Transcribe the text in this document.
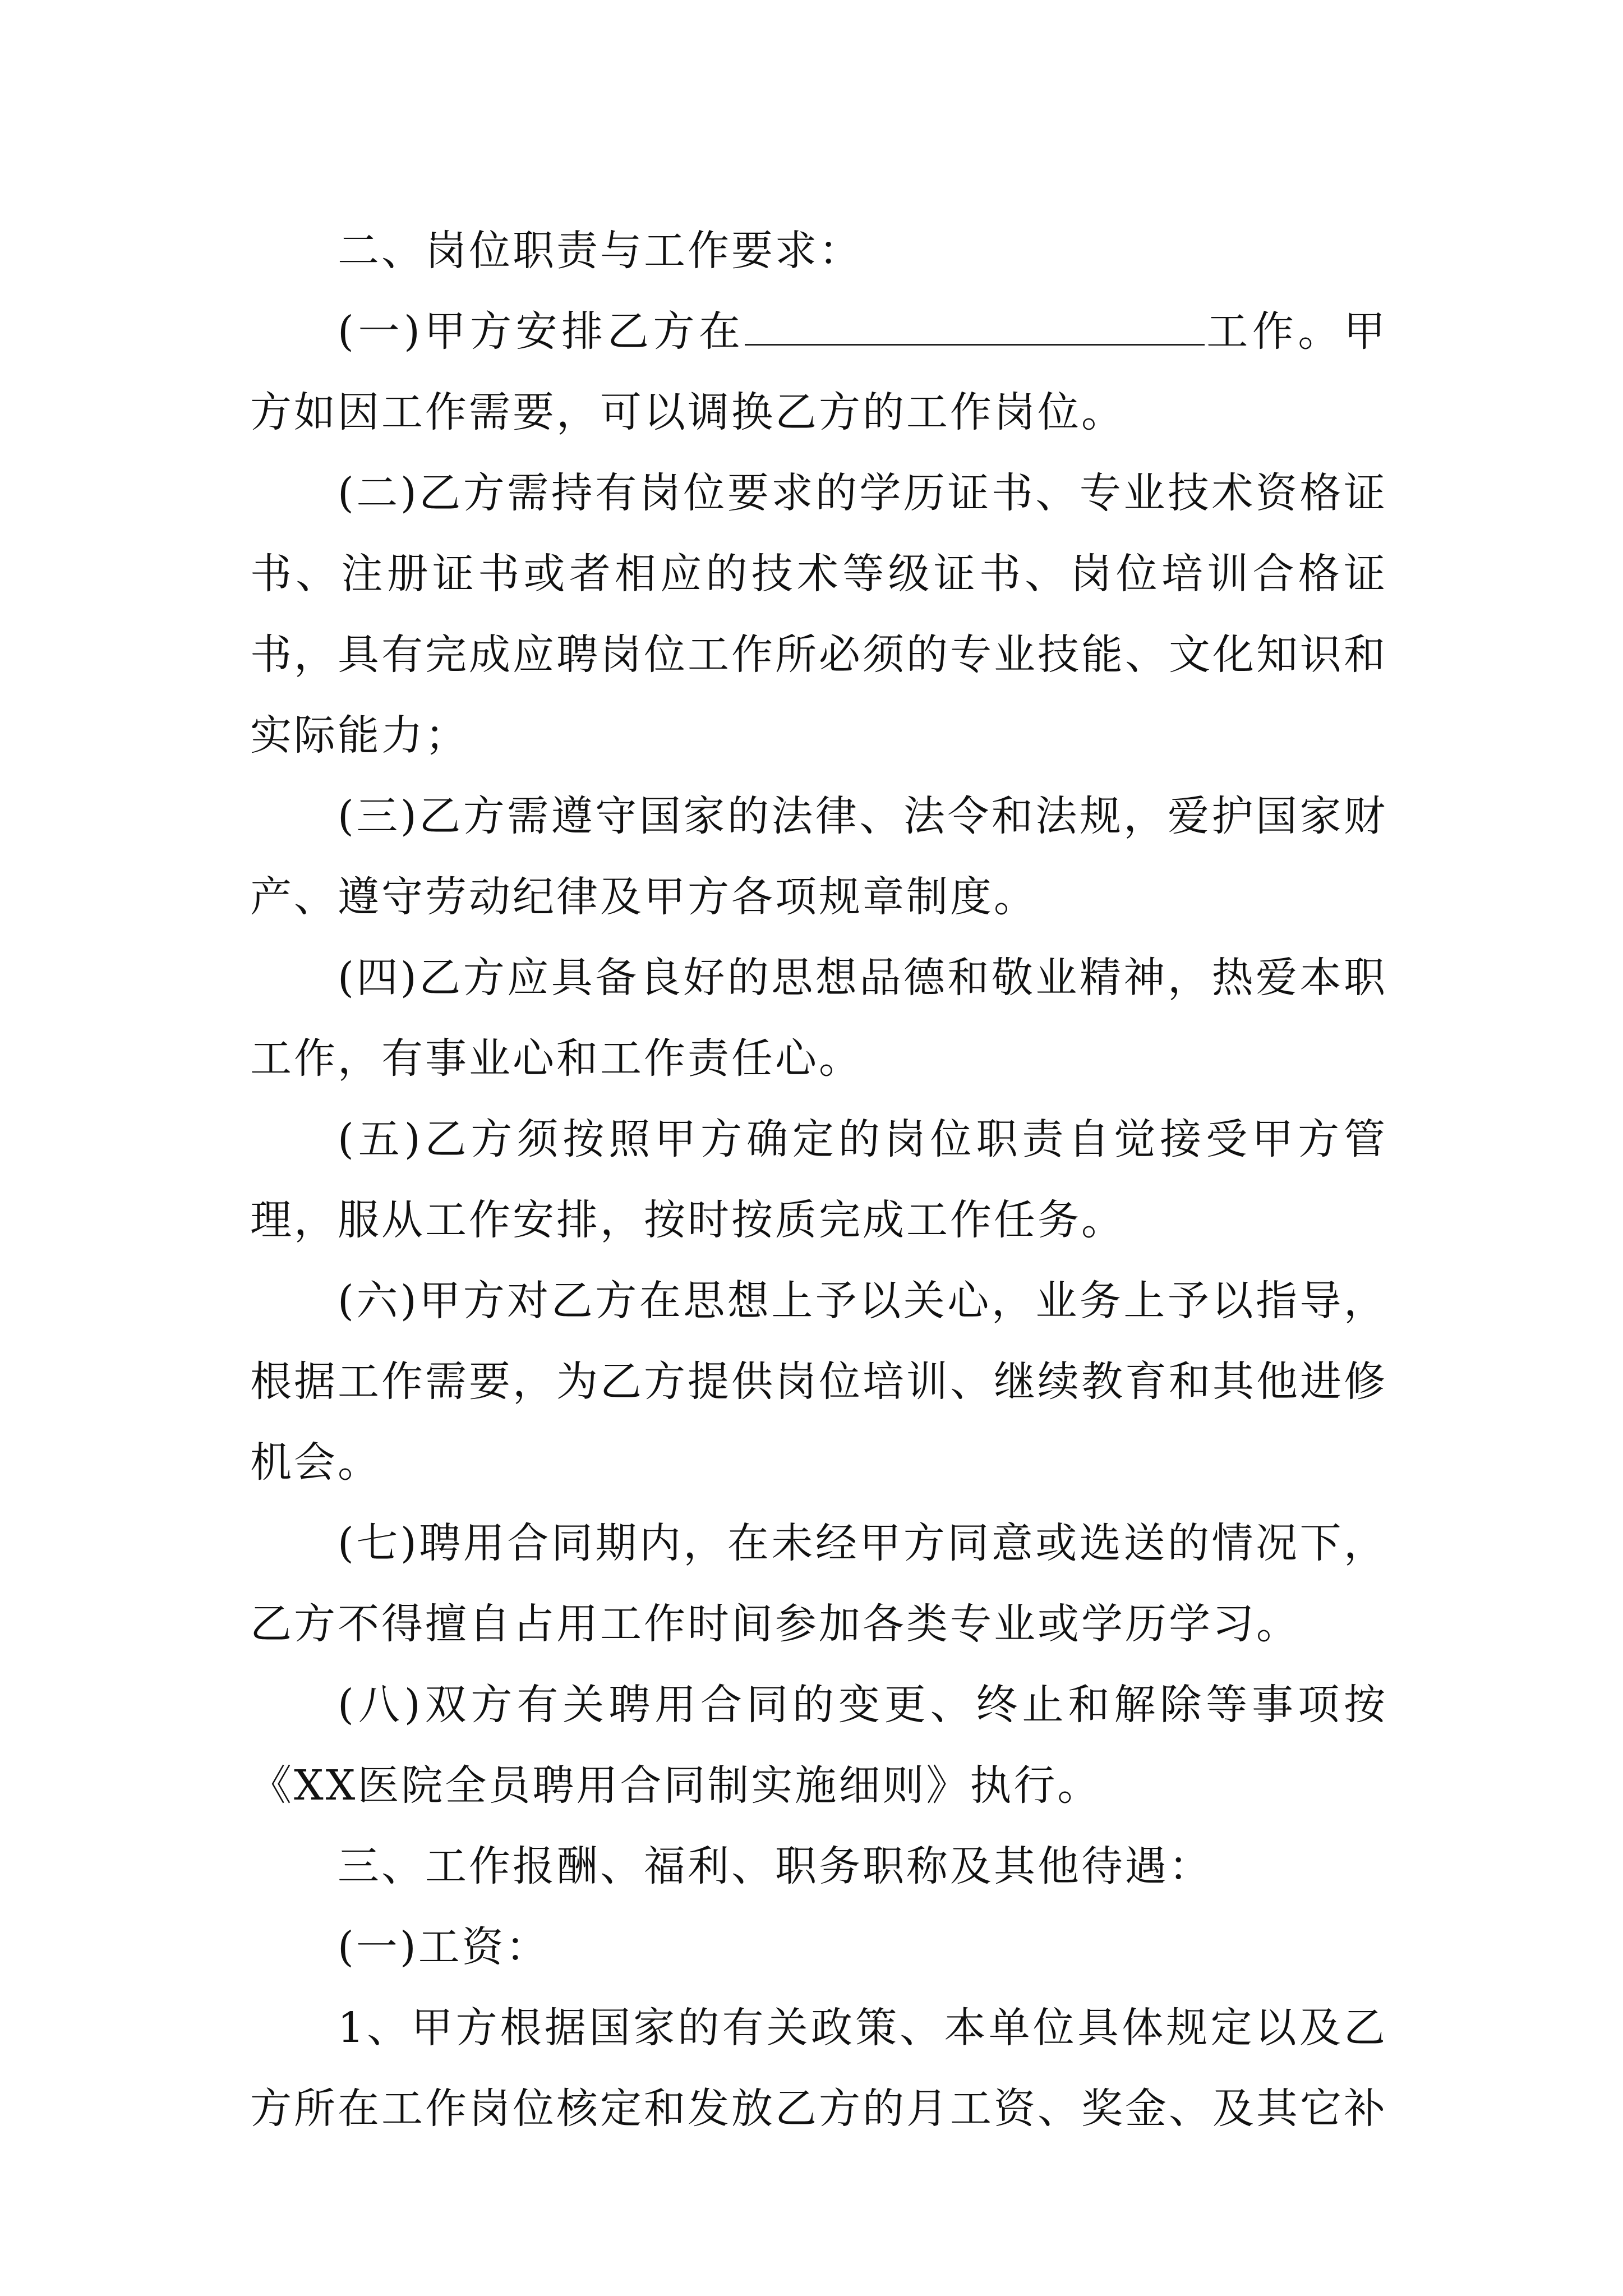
二、岗位职责与工作要求：

(一)甲方安排乙方在	工作。甲方如因工作需要，可以调换乙方的工作岗位。

(二)乙方需持有岗位要求的学历证书、专业技术资格证书、注册证书或者相应的技术等级证书、岗位培训合格证书，具有完成应聘岗位工作所必须的专业技能、文化知识和实际能力；

(三)乙方需遵守国家的法律、法令和法规，爱护国家财产、遵守劳动纪律及甲方各项规章制度。

(四)乙方应具备良好的思想品德和敬业精神，热爱本职工作，有事业心和工作责任心。

(五)乙方须按照甲方确定的岗位职责自觉接受甲方管理，服从工作安排，按时按质完成工作任务。

(六)甲方对乙方在思想上予以关心，业务上予以指导，根据工作需要，为乙方提供岗位培训、继续教育和其他进修机会。

(七)聘用合同期内，在未经甲方同意或选送的情况下，乙方不得擅自占用工作时间参加各类专业或学历学习。

(八)双方有关聘用合同的变更、终止和解除等事项按《XX医院全员聘用合同制实施细则》执行。

三、工作报酬、福利、职务职称及其他待遇：

(一)工资：

1、甲方根据国家的有关政策、本单位具体规定以及乙方所在工作岗位核定和发放乙方的月工资、奖金、及其它补
